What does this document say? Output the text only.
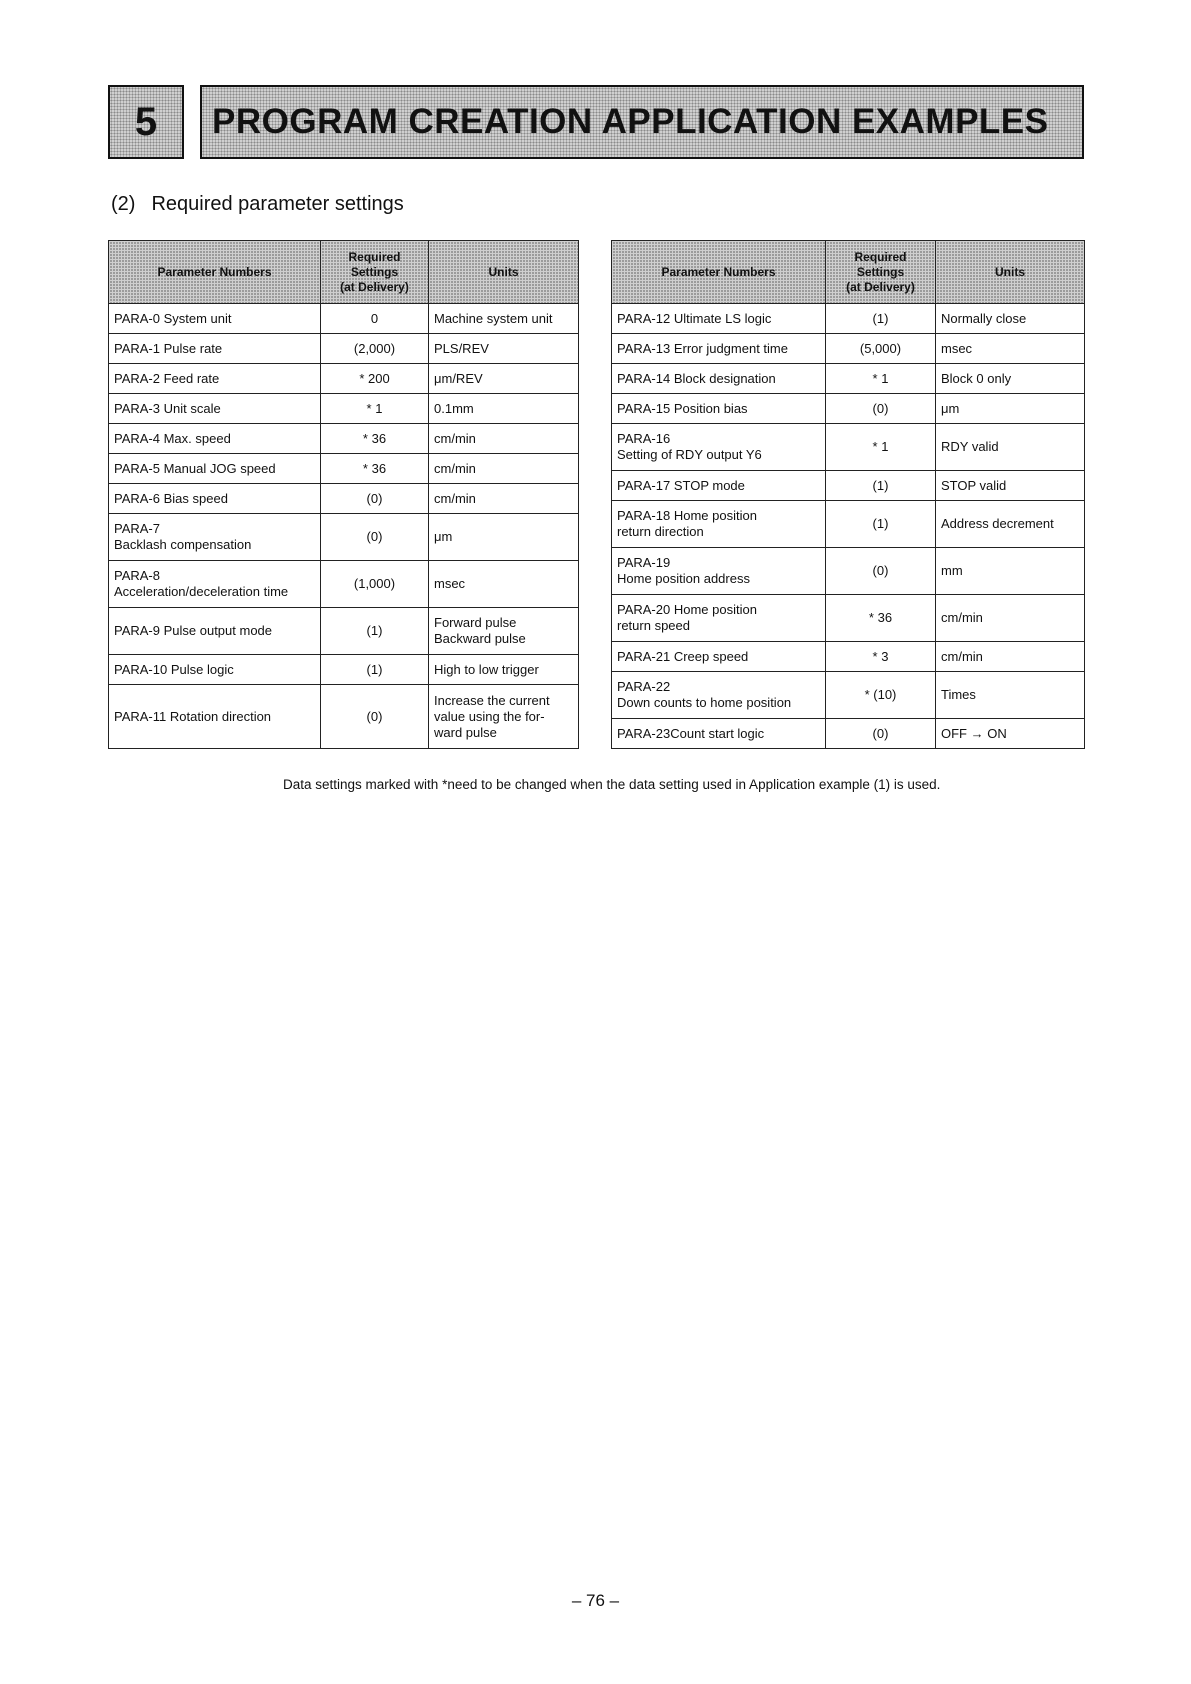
5 PROGRAM CREATION APPLICATION EXAMPLES
(2) Required parameter settings
Parameter Numbers	Required
Settings
(at Delivery)	Units

PARA-0 System unit	0	Machine system unit

PARA-1 Pulse rate	(2,000)	PLS/REV

PARA-2 Feed rate	* 200	μm/REV

PARA-3 Unit scale	* 1	0.1mm

PARA-4 Max. speed	* 36	cm/min

PARA-5 Manual JOG speed	* 36	cm/min

PARA-6 Bias speed	(0)	cm/min

PARA-7
Backlash compensation	(0)	μm

PARA-8
Acceleration/deceleration time	(1,000)	msec

PARA-9 Pulse output mode	(1)	Forward pulse
Backward pulse

PARA-10 Pulse logic	(1)	High to low trigger

PARA-11 Rotation direction	(0)	Increase the current
value using the for-
ward pulse
Parameter Numbers	Required
Settings
(at Delivery)	Units

PARA-12 Ultimate LS logic	(1)	Normally close

PARA-13 Error judgment time	(5,000)	msec

PARA-14 Block designation	* 1	Block 0 only

PARA-15 Position bias	(0)	μm

PARA-16
Setting of RDY output Y6	* 1	RDY valid

PARA-17 STOP mode	(1)	STOP valid

PARA-18 Home position
return direction	(1)	Address decrement

PARA-19
Home position address	(0)	mm

PARA-20 Home position
return speed	* 36	cm/min

PARA-21 Creep speed	* 3	cm/min

PARA-22
Down counts to home position	* (10)	Times

PARA-23Count start logic	(0)	OFF → ON
Data settings marked with *need to be changed when the data setting used in Application example (1) is used.
– 76 –
